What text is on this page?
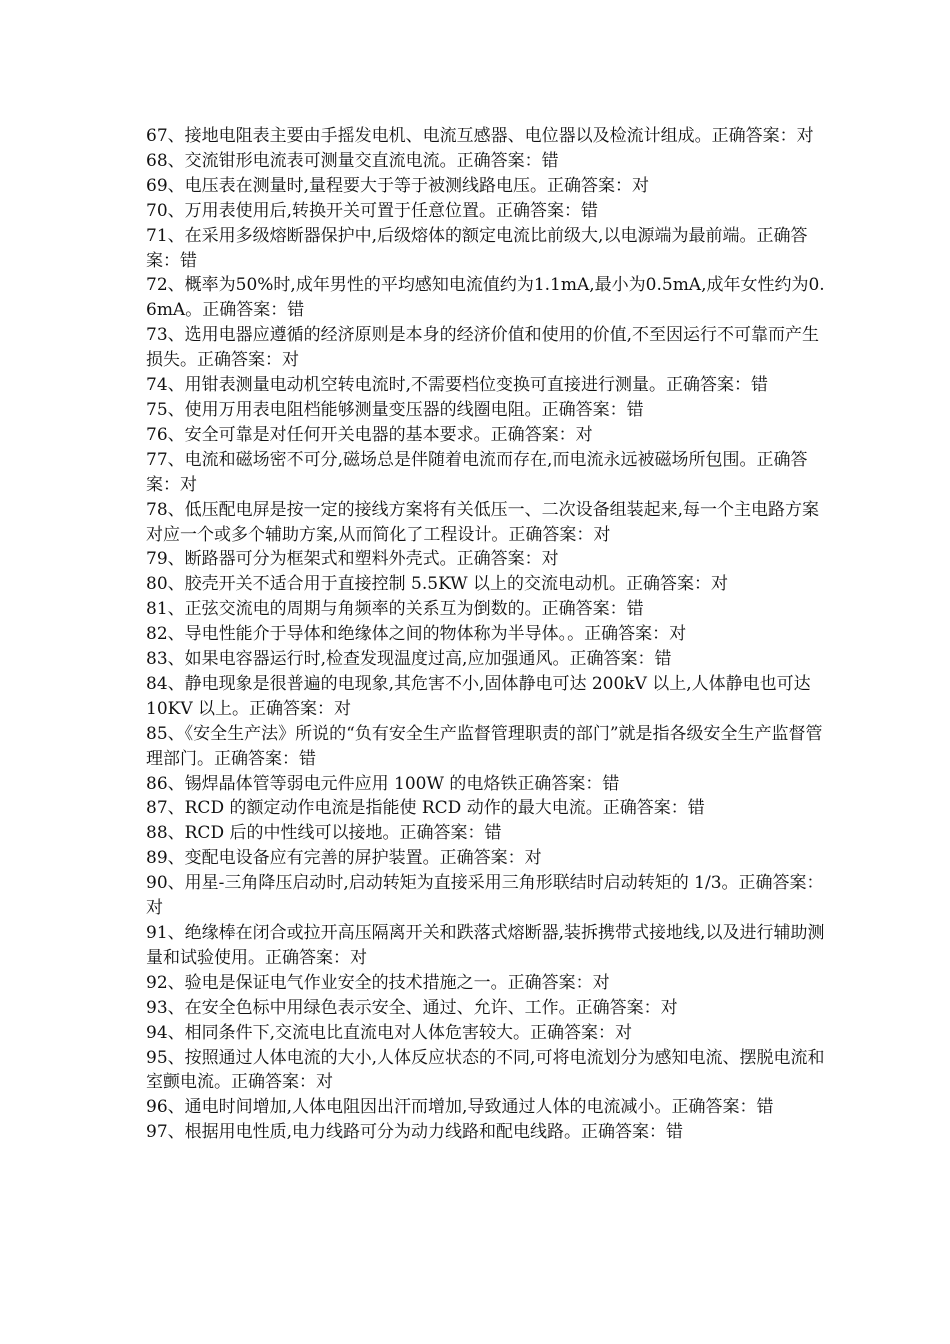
67、接地电阻表主要由手摇发电机、电流互感器、电位器以及检流计组成。正确答案：对

68、交流钳形电流表可测量交直流电流。正确答案：错

69、电压表在测量时,量程要大于等于被测线路电压。正确答案：对

70、万用表使用后,转换开关可置于任意位置。正确答案：错

71、在采用多级熔断器保护中,后级熔体的额定电流比前级大,以电源端为最前端。正确答案：错

72、概率为50%时,成年男性的平均感知电流值约为1.1mA,最小为0.5mA,成年女性约为0.6mA。正确答案：错

73、选用电器应遵循的经济原则是本身的经济价值和使用的价值,不至因运行不可靠而产生损失。正确答案：对

74、用钳表测量电动机空转电流时,不需要档位变换可直接进行测量。正确答案：错

75、使用万用表电阻档能够测量变压器的线圈电阻。正确答案：错

76、安全可靠是对任何开关电器的基本要求。正确答案：对

77、电流和磁场密不可分,磁场总是伴随着电流而存在,而电流永远被磁场所包围。正确答案：对

78、低压配电屏是按一定的接线方案将有关低压一、二次设备组装起来,每一个主电路方案对应一个或多个辅助方案,从而简化了工程设计。正确答案：对

79、断路器可分为框架式和塑料外壳式。正确答案：对

80、胶壳开关不适合用于直接控制 5.5KW 以上的交流电动机。正确答案：对

81、正弦交流电的周期与角频率的关系互为倒数的。正确答案：错

82、导电性能介于导体和绝缘体之间的物体称为半导体。。正确答案：对

83、如果电容器运行时,检查发现温度过高,应加强通风。正确答案：错

84、静电现象是很普遍的电现象,其危害不小,固体静电可达 200kV 以上,人体静电也可达 10KV 以上。正确答案：对

85、《安全生产法》所说的“负有安全生产监督管理职责的部门”就是指各级安全生产监督管理部门。正确答案：错

86、锡焊晶体管等弱电元件应用 100W 的电烙铁正确答案：错

87、RCD 的额定动作电流是指能使 RCD 动作的最大电流。正确答案：错

88、RCD 后的中性线可以接地。正确答案：错

89、变配电设备应有完善的屏护装置。正确答案：对

90、用星-三角降压启动时,启动转矩为直接采用三角形联结时启动转矩的 1/3。正确答案：对

91、绝缘棒在闭合或拉开高压隔离开关和跌落式熔断器,装拆携带式接地线,以及进行辅助测量和试验使用。正确答案：对

92、验电是保证电气作业安全的技术措施之一。正确答案：对

93、在安全色标中用绿色表示安全、通过、允许、工作。正确答案：对

94、相同条件下,交流电比直流电对人体危害较大。正确答案：对

95、按照通过人体电流的大小,人体反应状态的不同,可将电流划分为感知电流、摆脱电流和室颤电流。正确答案：对

96、通电时间增加,人体电阻因出汗而增加,导致通过人体的电流减小。正确答案：错

97、根据用电性质,电力线路可分为动力线路和配电线路。正确答案：错
